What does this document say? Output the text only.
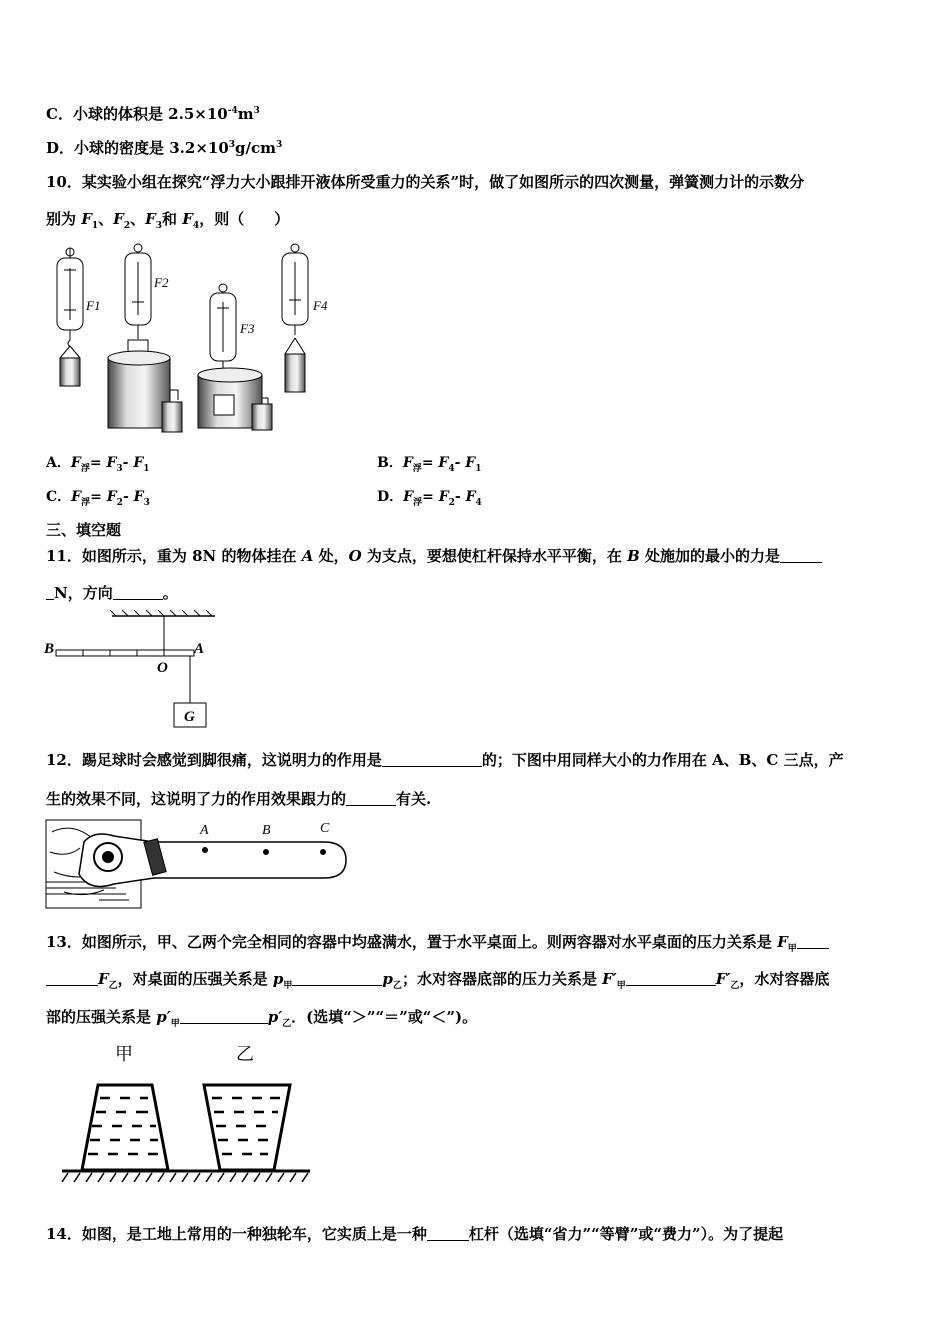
C．小球的体积是 $2.5\times 10^{-4}m^3$
D．小球的密度是 $3.2\times 10^3g/cm^3$
10．某实验小组在探究“浮力大小跟排开液体所受重力的关系”时，做了如图所示的四次测量，弹簧测力计的示数分
别为 $F_1$、$F_2$、$F_3$和 $F_4$，则（　　）
F1
F2
F3
F4
A．$F_浮= F_3-$ $F_1$	B．$F_浮= F_4-$ $F_1$
C．$F_浮= F_2-$ $F_3$	D．$F_浮= F_2-$ $F_4$
三、填空题
11．如图所示，重为 8N 的物体挂在 A 处，O 为支点，要想使杠杆保持水平平衡，在 B 处施加的最小的力是
N，方向	。
B
O
A
G
12．踢足球时会感觉到脚很痛，这说明力的作用是	的；下图中用同样大小的力作用在 A、B、C 三点，产
生的效果不同，这说明了力的作用效果跟力的	有关.
A	B	C
13．如图所示，甲、乙两个完全相同的容器中均盛满水，置于水平桌面上。则两容器对水平桌面的压力关系是 $F_甲$
$F_乙$，对桌面的压强关系是 $p_甲$	$p_乙$；水对容器底部的压力关系是 $F'_甲$	$F'_乙$，水对容器底
部的压强关系是 $p'_甲$	$p'_乙$．(选填“＞”“＝”或“＜”)。
甲	乙
14．如图，是工地上常用的一种独轮车，它实质上是一种	杠杆（选填“省力”“等臂”或“费力”）。为了提起
